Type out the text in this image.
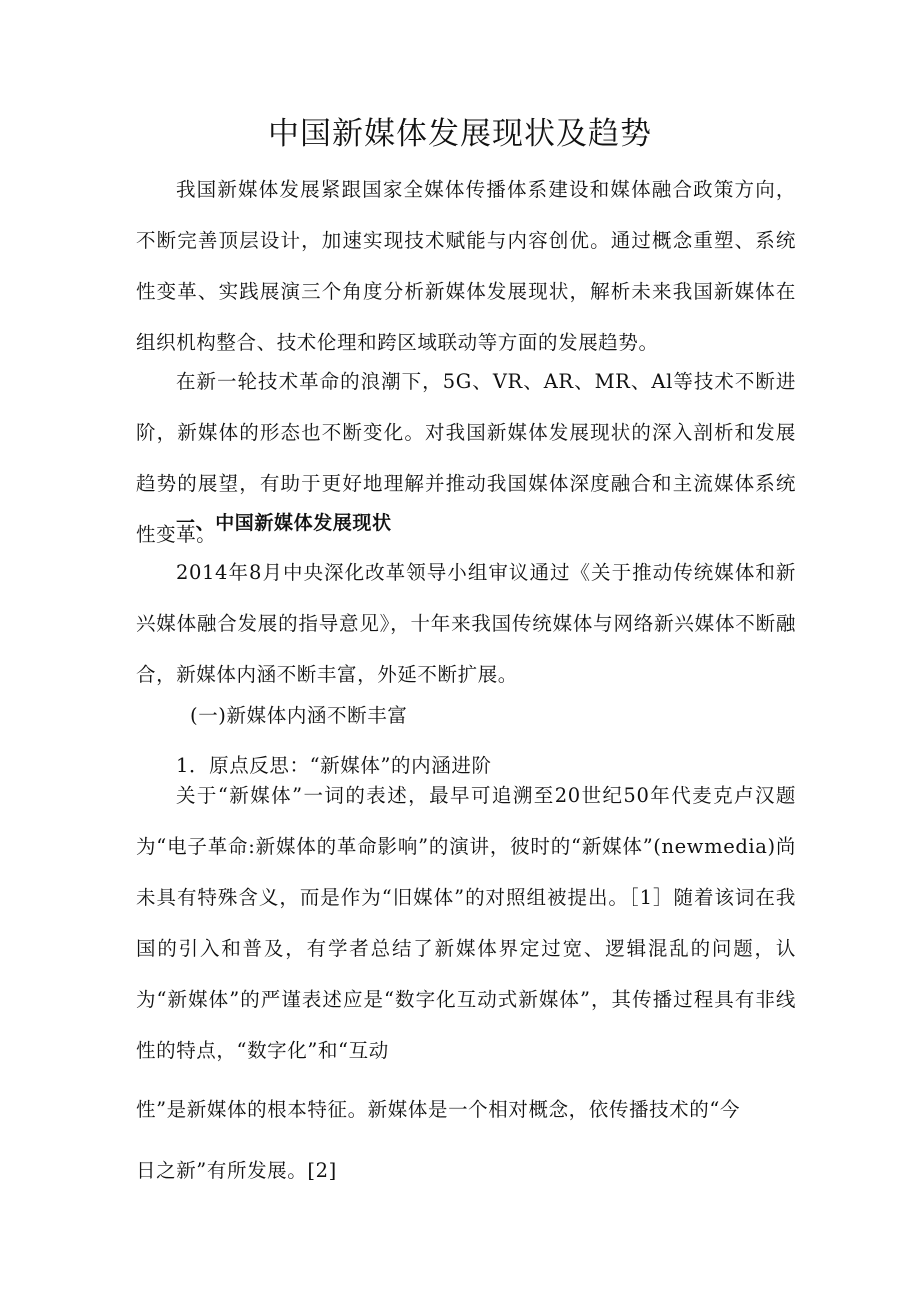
中国新媒体发展现状及趋势

我国新媒体发展紧跟国家全媒体传播体系建设和媒体融合政策方向，不断完善顶层设计，加速实现技术赋能与内容创优。通过概念重塑、系统性变革、实践展演三个角度分析新媒体发展现状，解析未来我国新媒体在组织机构整合、技术伦理和跨区域联动等方面的发展趋势。

在新一轮技术革命的浪潮下，5G、VR、AR、MR、Al等技术不断进阶，新媒体的形态也不断变化。对我国新媒体发展现状的深入剖析和发展趋势的展望，有助于更好地理解并推动我国媒体深度融合和主流媒体系统性变革。

一、中国新媒体发展现状

2014年8月中央深化改革领导小组审议通过《关于推动传统媒体和新兴媒体融合发展的指导意见》，十年来我国传统媒体与网络新兴媒体不断融合，新媒体内涵不断丰富，外延不断扩展。

(一)新媒体内涵不断丰富
1．原点反思：“新媒体”的内涵进阶

关于“新媒体”一词的表述，最早可追溯至20世纪50年代麦克卢汉题为“电子革命:新媒体的革命影响”的演讲，彼时的“新媒体”(newmedia)尚未具有特殊含义，而是作为“旧媒体”的对照组被提出。［1］随着该词在我国的引入和普及，有学者总结了新媒体界定过宽、逻辑混乱的问题，认为“新媒体”的严谨表述应是“数字化互动式新媒体”，其传播过程具有非线性的特点，“数字化”和“互动

性”是新媒体的根本特征。新媒体是一个相对概念，依传播技术的“今
日之新”有所发展。[2]
